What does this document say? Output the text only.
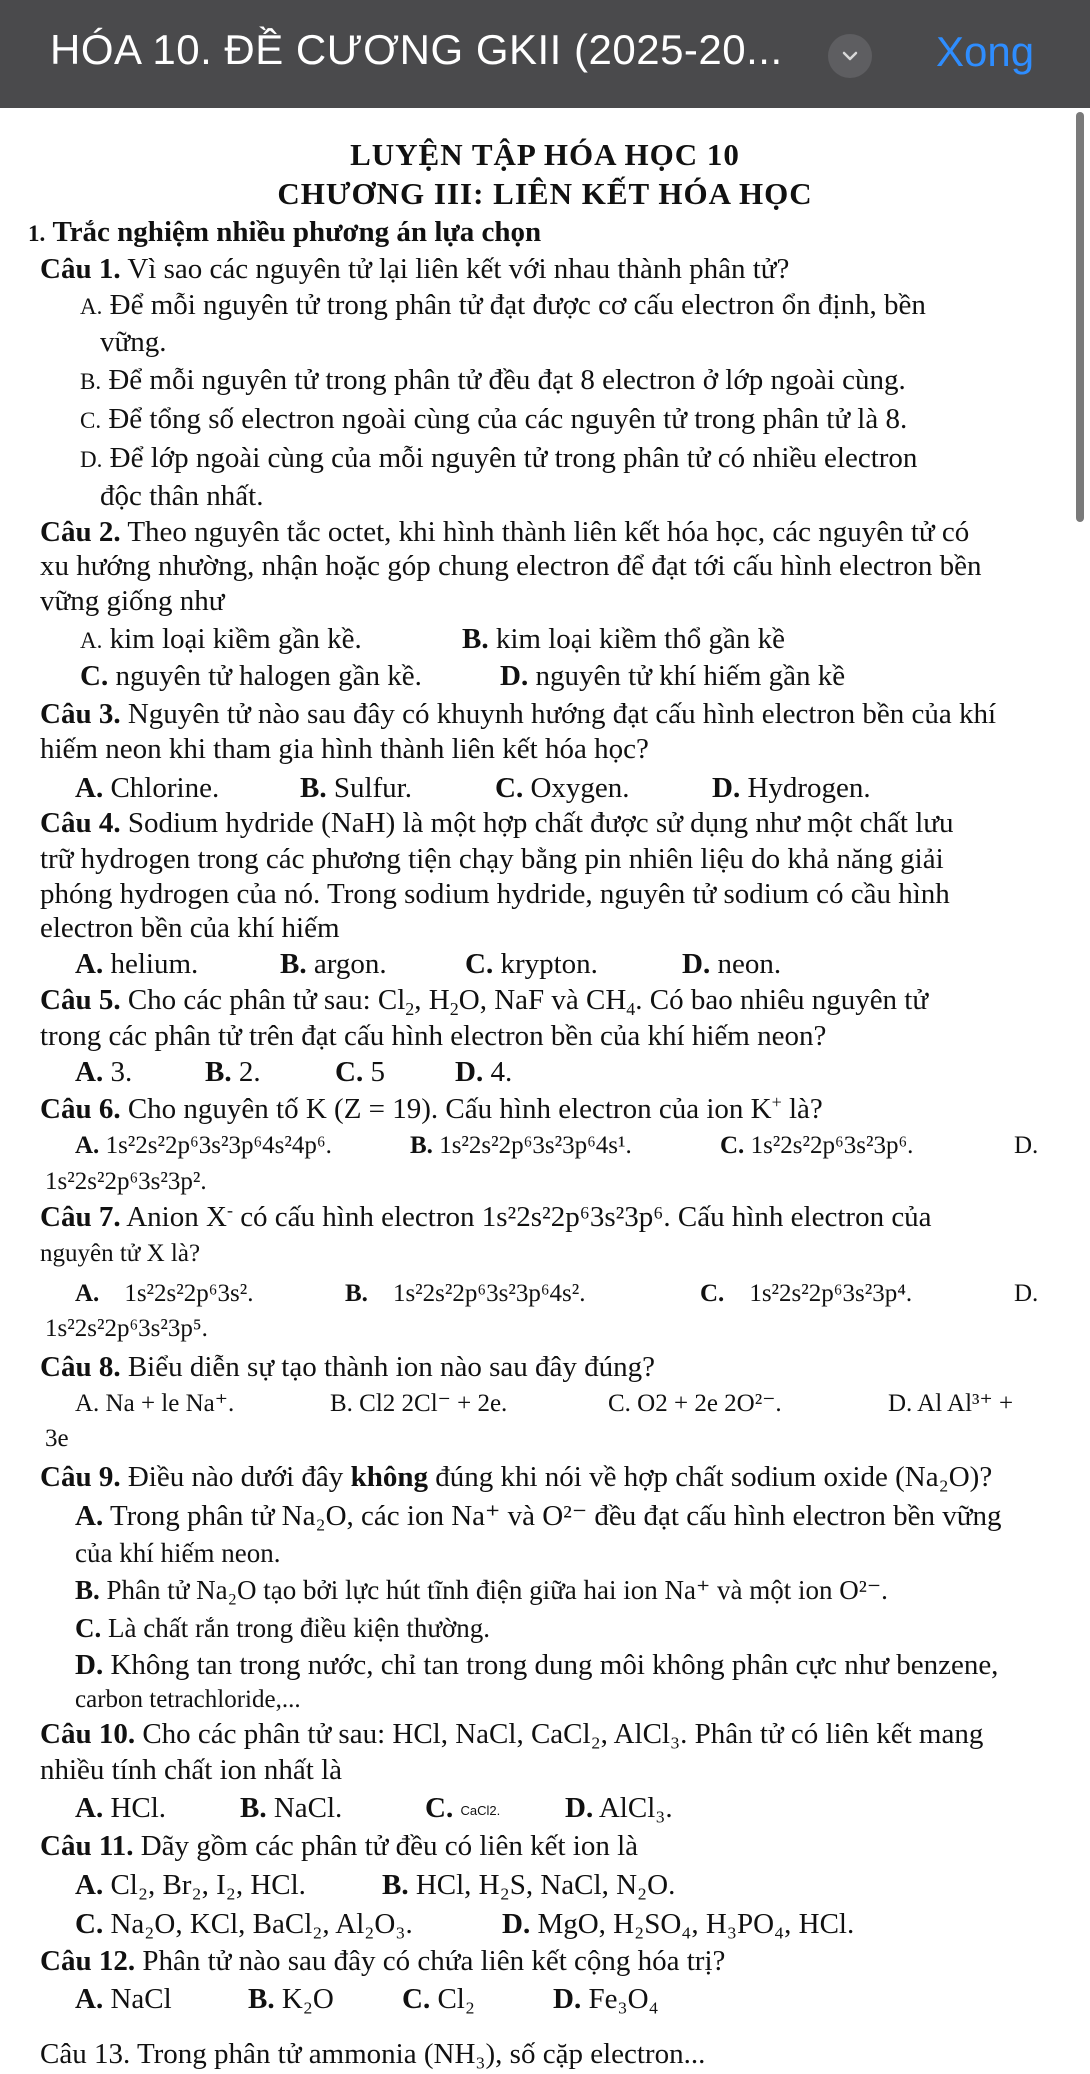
HÓA 10. ĐỀ CƯƠNG GKII (2025-20...	Xong
LUYỆN TẬP HÓA HỌC 10
CHƯƠNG III: LIÊN KẾT HÓA HỌC
1. Trắc nghiệm nhiều phương án lựa chọn
Câu 1. Vì sao các nguyên tử lại liên kết với nhau thành phân tử?
A. Để mỗi nguyên tử trong phân tử đạt được cơ cấu electron ổn định, bền
vững.
B. Để mỗi nguyên tử trong phân tử đều đạt 8 electron ở lớp ngoài cùng.
C. Để tổng số electron ngoài cùng của các nguyên tử trong phân tử là 8.
D. Để lớp ngoài cùng của mỗi nguyên tử trong phân tử có nhiều electron
độc thân nhất.
Câu 2. Theo nguyên tắc octet, khi hình thành liên kết hóa học, các nguyên tử có
xu hướng nhường, nhận hoặc góp chung electron để đạt tới cấu hình electron bền
vững giống như
A. kim loại kiềm gần kề.	B. kim loại kiềm thổ gần kề
C. nguyên tử halogen gần kề.	D. nguyên tử khí hiếm gần kề
Câu 3. Nguyên tử nào sau đây có khuynh hướng đạt cấu hình electron bền của khí
hiếm neon khi tham gia hình thành liên kết hóa học?
A. Chlorine.	B. Sulfur.	C. Oxygen.	D. Hydrogen.
Câu 4. Sodium hydride (NaH) là một hợp chất được sử dụng như một chất lưu
trữ hydrogen trong các phương tiện chạy bằng pin nhiên liệu do khả năng giải
phóng hydrogen của nó. Trong sodium hydride, nguyên tử sodium có cầu hình
electron bền của khí hiếm
A. helium.	B. argon.	C. krypton.	D. neon.
Câu 5. Cho các phân tử sau: $Cl_2$, $H_2O$, NaF và $CH_4$. Có bao nhiêu nguyên tử
trong các phân tử trên đạt cấu hình electron bền của khí hiếm neon?
A. 3.	B. 2.	C. 5 D. 4.
Câu 6. Cho nguyên tố K (Z = 19). Cấu hình electron của ion K+ là?
A. 1s²2s²2p⁶3s²3p⁶4s²4p⁶.	B. 1s²2s²2p⁶3s²3p⁶4s¹.	C. 1s²2s²2p⁶3s²3p⁶.	D.
1s²2s²2p⁶3s²3p².
Câu 7. Anion X- có cấu hình electron 1s²2s²2p⁶3s²3p⁶. Cấu hình electron của
nguyên tử X là?
A. 1s²2s²2p⁶3s².	B. 1s²2s²2p⁶3s²3p⁶4s².	C. 1s²2s²2p⁶3s²3p⁴.	D.
1s²2s²2p⁶3s²3p⁵.
Câu 8. Biểu diễn sự tạo thành ion nào sau đây đúng?
A. Na + le Na⁺.	B. Cl2 2Cl⁻ + 2e.	C. O2 + 2e 2O²⁻.	D. Al Al³⁺ +
3e
Câu 9. Điều nào dưới đây không đúng khi nói về hợp chất sodium oxide (Na₂O)?
A. Trong phân tử Na₂O, các ion Na⁺ và O²⁻ đều đạt cấu hình electron bền vững
của khí hiếm neon.
B. Phân tử Na₂O tạo bởi lực hút tĩnh điện giữa hai ion Na⁺ và một ion O²⁻.
C. Là chất rắn trong điều kiện thường.
D. Không tan trong nước, chỉ tan trong dung môi không phân cực như benzene,
carbon tetrachloride,...
Câu 10. Cho các phân tử sau: HCl, NaCl, CaCl₂, AlCl₃. Phân tử có liên kết mang
nhiều tính chất ion nhất là
A. HCl.	B. NaCl.	C. CaCl2. D. AlCl₃.
Câu 11. Dãy gồm các phân tử đều có liên kết ion là
A. Cl₂, Br₂, I₂, HCl.	B. HCl, H₂S, NaCl, N₂O.
C. Na₂O, KCl, BaCl₂, Al₂O₃.	D. MgO, H₂SO₄, H₃PO₄, HCl.
Câu 12. Phân tử nào sau đây có chứa liên kết cộng hóa trị?
A. NaCl	B. K₂O C. Cl₂	D. Fe₃O₄
Câu 13. Trong phân tử ammonia (NH₃), số cặp electron...
